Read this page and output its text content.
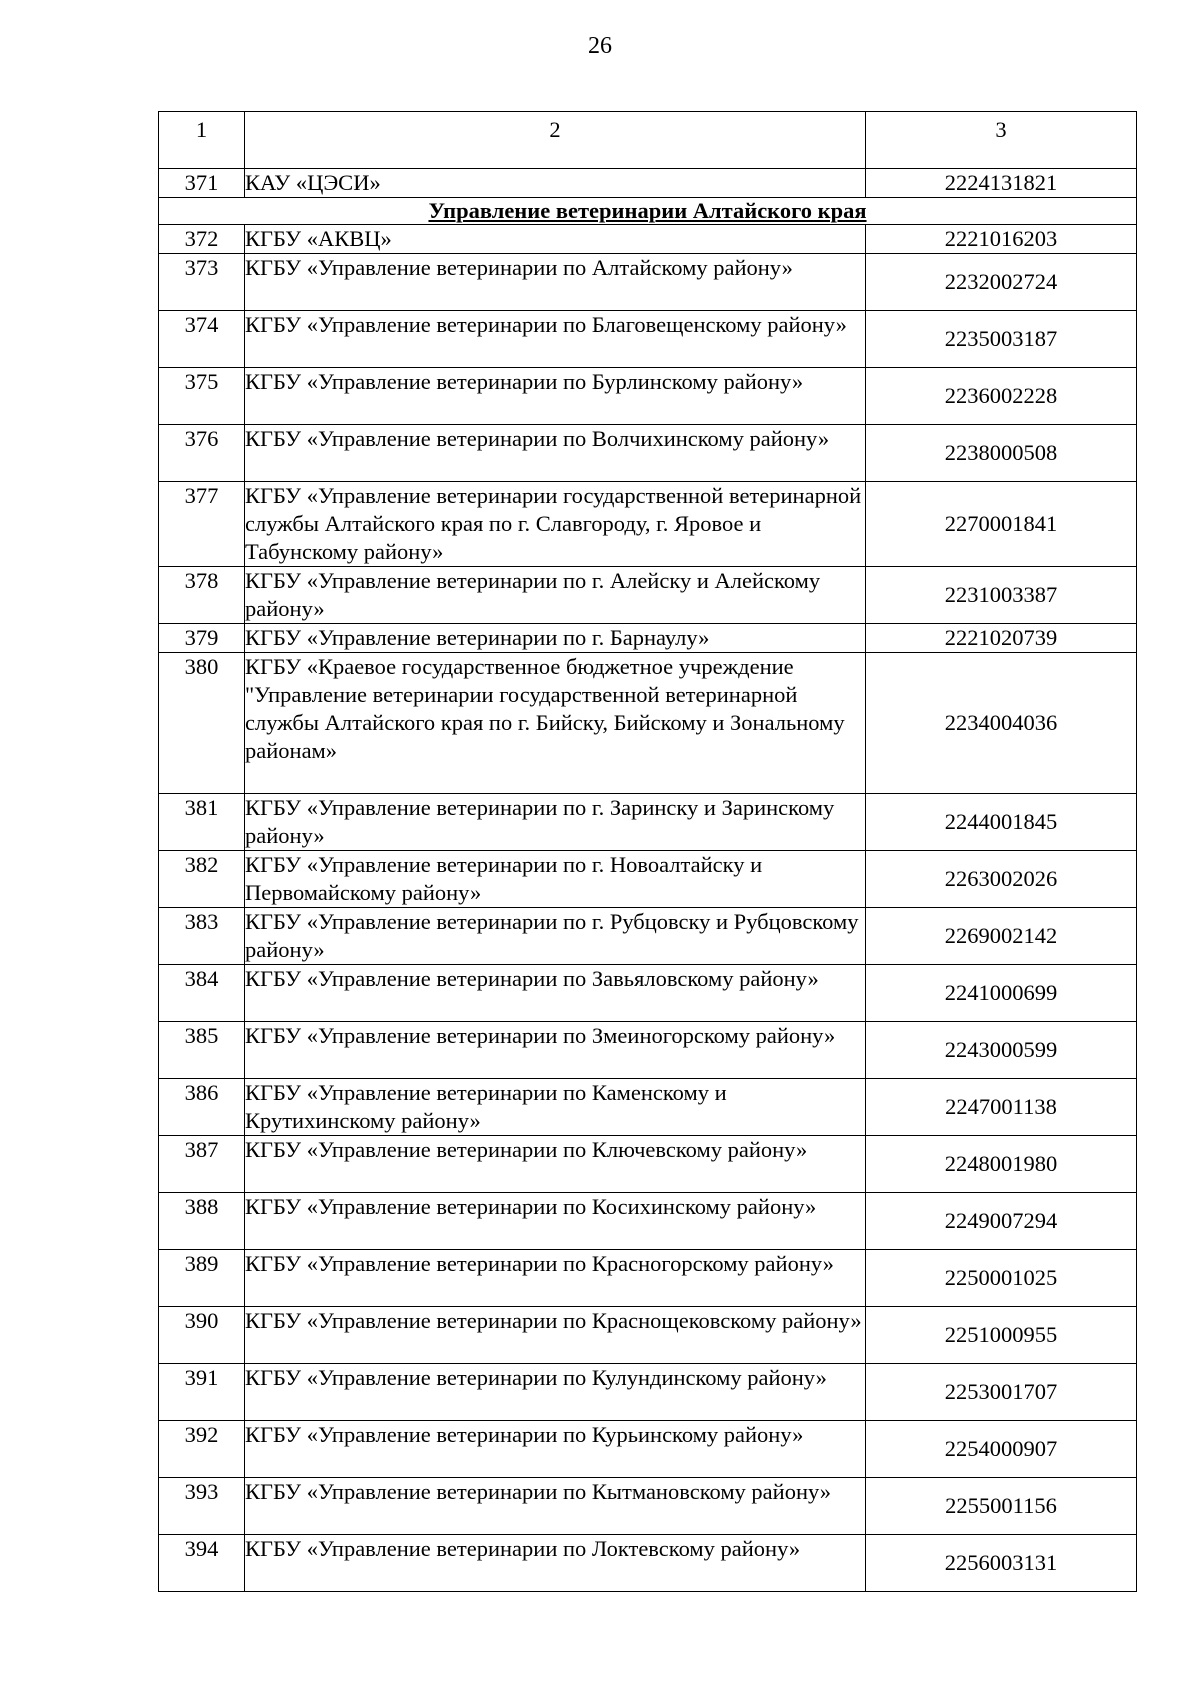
26
1	2	3
371	КАУ «ЦЭСИ»	2224131821
Управление ветеринарии Алтайского края		
372	КГБУ «АКВЦ»	2221016203
373	КГБУ «Управление ветеринарии по Алтайскому району»	2232002724
374	КГБУ «Управление ветеринарии по Благовещенскому району»	2235003187
375	КГБУ «Управление ветеринарии по Бурлинскому району»	2236002228
376	КГБУ «Управление ветеринарии по Волчихинскому району»	2238000508
377	КГБУ «Управление ветеринарии государственной ветеринарной службы Алтайского края по г. Славгороду, г. Яровое и Табунскому району»	2270001841
378	КГБУ «Управление ветеринарии по г. Алейску и Алейскому району»	2231003387
379	КГБУ «Управление ветеринарии по г. Барнаулу»	2221020739
380	КГБУ «Краевое государственное бюджетное учреждение "Управление ветеринарии государственной ветеринарной службы Алтайского края по г. Бийску, Бийскому и Зональному районам»	2234004036
381	КГБУ «Управление ветеринарии по г. Заринску и Заринскому району»	2244001845
382	КГБУ «Управление ветеринарии по г. Новоалтайску и Первомайскому району»	2263002026
383	КГБУ «Управление ветеринарии по г. Рубцовску и Рубцовскому району»	2269002142
384	КГБУ «Управление ветеринарии по Завьяловскому району»	2241000699
385	КГБУ «Управление ветеринарии по Змеиногорскому району»	2243000599
386	КГБУ «Управление ветеринарии по Каменскому и Крутихинскому району»	2247001138
387	КГБУ «Управление ветеринарии по Ключевскому району»	2248001980
388	КГБУ «Управление ветеринарии по Косихинскому району»	2249007294
389	КГБУ «Управление ветеринарии по Красногорскому району»	2250001025
390	КГБУ «Управление ветеринарии по Краснощековскому району»	2251000955
391	КГБУ «Управление ветеринарии по Кулундинскому району»	2253001707
392	КГБУ «Управление ветеринарии по Курьинскому району»	2254000907
393	КГБУ «Управление ветеринарии по Кытмановскому району»	2255001156
394	КГБУ «Управление ветеринарии по Локтевскому району»	2256003131
